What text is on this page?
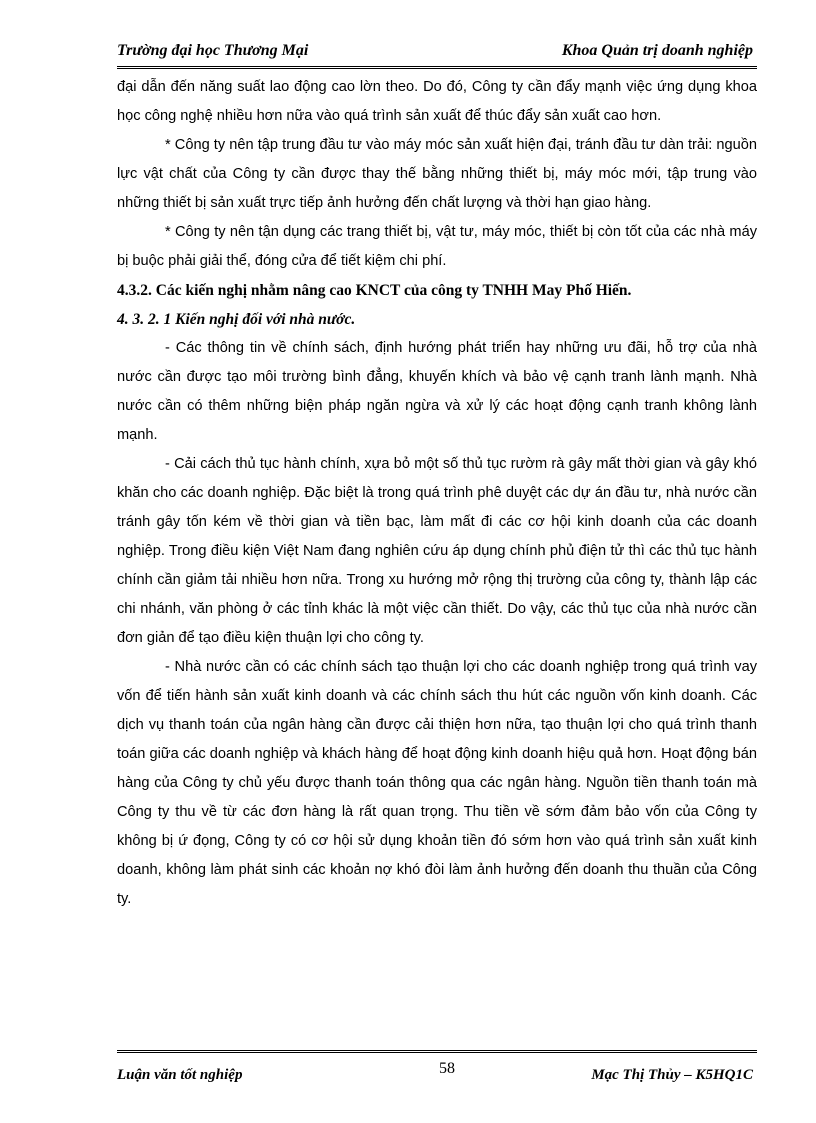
Trường đại học Thương Mại	Khoa Quản trị doanh nghiệp

đại dẫn đến năng suất lao động cao lờn theo. Do đó, Công ty cần đẩy mạnh việc ứng dụng khoa học công nghệ nhiều hơn nữa vào quá trình sản xuất để thúc đẩy sản xuất cao hơn.

* Công ty nên tập trung đầu tư vào máy móc sản xuất hiện đại, tránh đầu tư dàn trải: nguồn lực vật chất của Công ty cần được thay thế bằng những thiết bị, máy móc mới, tập trung vào những thiết bị sản xuất trực tiếp ảnh hưởng đến chất lượng và thời hạn giao hàng.

* Công ty nên tận dụng các trang thiết bị, vật tư, máy móc, thiết bị còn tốt của các nhà máy bị buộc phải giải thể, đóng cửa để tiết kiệm chi phí.

4.3.2. Các kiến nghị nhằm nâng cao KNCT của công ty TNHH May Phố Hiến.

4. 3. 2. 1 Kiến nghị đối với nhà nước.

- Các thông tin về chính sách, định hướng phát triển hay những ưu đãi, hỗ trợ của nhà nước cần được tạo môi trường bình đẳng, khuyến khích và bảo vệ cạnh tranh lành mạnh. Nhà nước cần có thêm những biện pháp ngăn ngừa và xử lý các hoạt động cạnh tranh không lành mạnh.

- Cải cách thủ tục hành chính, xựa bỏ một số thủ tục rườm rà gây mất thời gian và gây khó khăn cho các doanh nghiệp. Đặc biệt là trong quá trình phê duyệt các dự án đầu tư, nhà nước cần tránh gây tốn kém về thời gian và tiền bạc, làm mất đi các cơ hội kinh doanh của các doanh nghiệp. Trong điều kiện Việt Nam đang nghiên cứu áp dụng chính phủ điện tử thì các thủ tục hành chính cần giảm tải nhiều hơn nữa. Trong xu hướng mở rộng thị trường của công ty, thành lập các chi nhánh, văn phòng ở các tỉnh khác là một việc cần thiết. Do vậy, các thủ tục của nhà nước cần đơn giản để tạo điều kiện thuận lợi cho công ty.

- Nhà nước cần có các chính sách tạo thuận lợi cho các doanh nghiệp trong quá trình vay vốn để tiến hành sản xuất kinh doanh và các chính sách thu hút các nguồn vốn kinh doanh. Các dịch vụ thanh toán của ngân hàng cần được cải thiện hơn nữa, tạo thuận lợi cho quá trình thanh toán giữa các doanh nghiệp và khách hàng để hoạt động kinh doanh hiệu quả hơn. Hoạt động bán hàng của Công ty chủ yếu được thanh toán thông qua các ngân hàng. Nguồn tiền thanh toán mà Công ty thu về từ các đơn hàng là rất quan trọng. Thu tiền về sớm đảm bảo vốn của Công ty không bị ứ đọng, Công ty có cơ hội sử dụng khoản tiền đó sớm hơn vào quá trình sản xuất kinh doanh, không làm phát sinh các khoản nợ khó đòi làm ảnh hưởng đến doanh thu thuần của Công ty.

Luận văn tốt nghiệp	58	Mạc Thị Thủy – K5HQ1C
